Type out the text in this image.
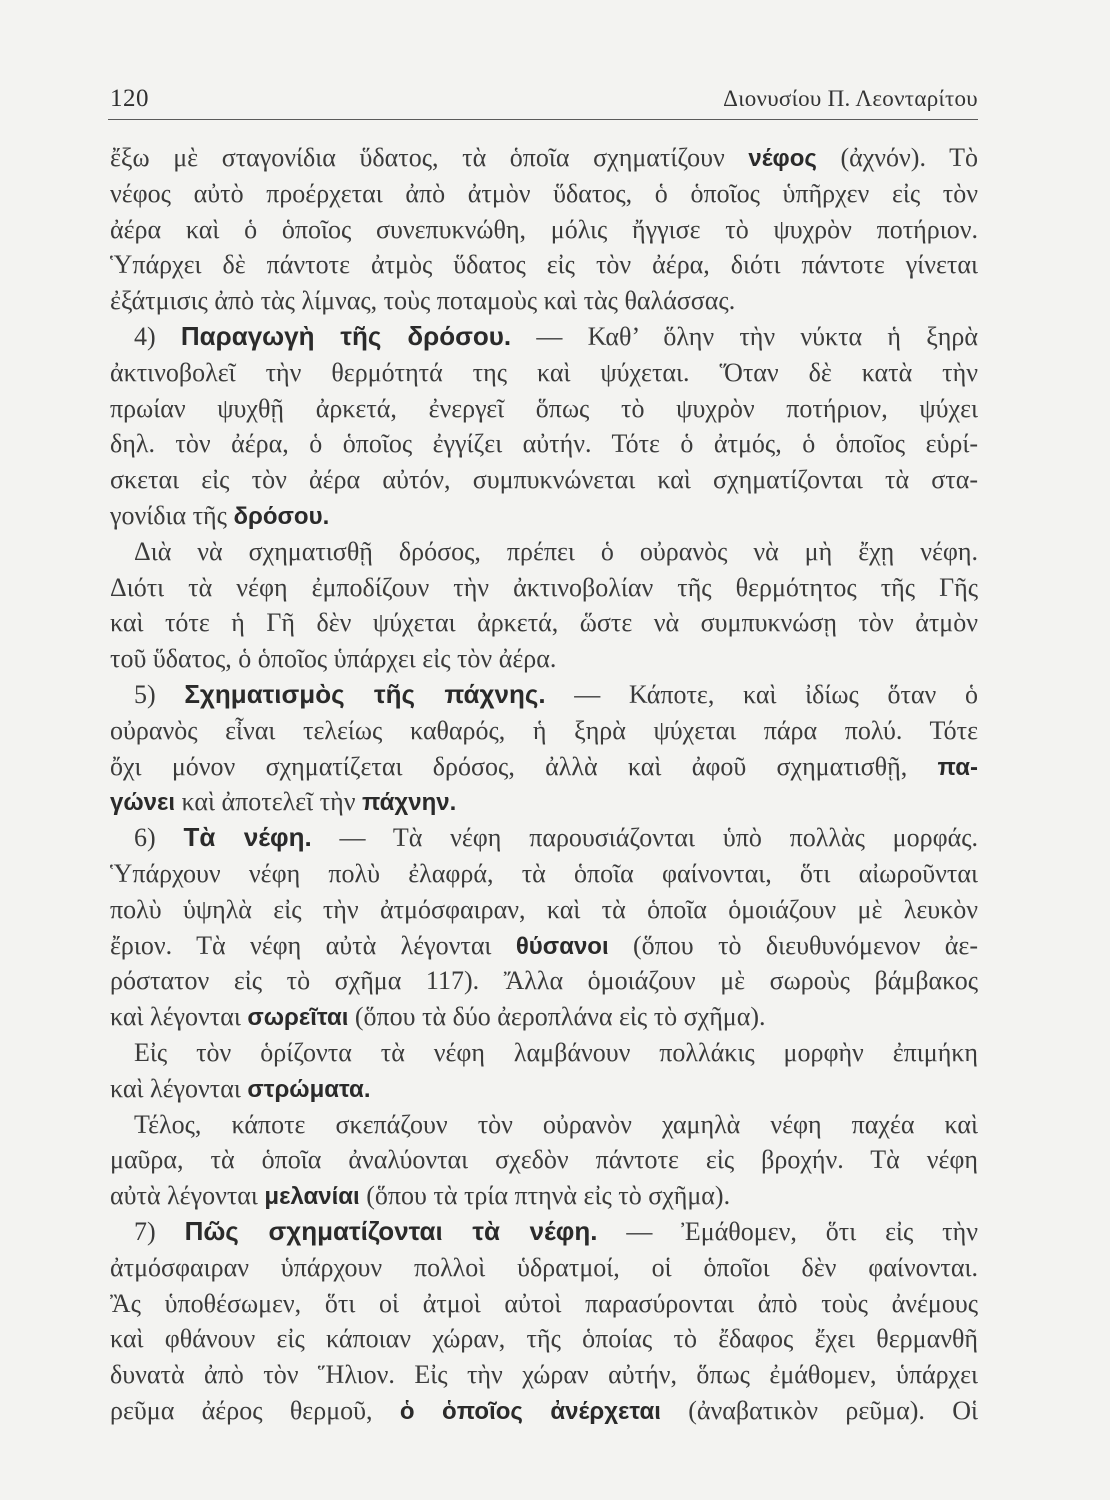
120	Διονυσίου Π. Λεονταρίτου
ἔξω μὲ σταγονίδια ὕδατος, τὰ ὁποῖα σχηματίζουν νέφος (ἀχνόν). Τὸ
νέφος αὐτὸ προέρχεται ἀπὸ ἀτμὸν ὕδατος, ὁ ὁποῖος ὑπῆρχεν εἰς τὸν
ἀέρα καὶ ὁ ὁποῖος συνεπυκνώθη, μόλις ἤγγισε τὸ ψυχρὸν ποτήριον.
Ὑπάρχει δὲ πάντοτε ἀτμὸς ὕδατος εἰς τὸν ἀέρα, διότι πάντοτε γίνεται
ἐξάτμισις ἀπὸ τὰς λίμνας, τοὺς ποταμοὺς καὶ τὰς θαλάσσας.
4) Παραγωγὴ τῆς δρόσου. — Καθ’ ὅλην τὴν νύκτα ἡ ξηρὰ
ἀκτινοβολεῖ τὴν θερμότητά της καὶ ψύχεται. Ὅταν δὲ κατὰ τὴν
πρωίαν ψυχθῇ ἀρκετά, ἐνεργεῖ ὅπως τὸ ψυχρὸν ποτήριον, ψύχει
δηλ. τὸν ἀέρα, ὁ ὁποῖος ἐγγίζει αὐτήν. Τότε ὁ ἀτμός, ὁ ὁποῖος εὑρί-
σκεται εἰς τὸν ἀέρα αὐτόν, συμπυκνώνεται καὶ σχηματίζονται τὰ στα-
γονίδια τῆς δρόσου.
Διὰ νὰ σχηματισθῇ δρόσος, πρέπει ὁ οὐρανὸς νὰ μὴ ἔχῃ νέφη.
Διότι τὰ νέφη ἐμποδίζουν τὴν ἀκτινοβολίαν τῆς θερμότητος τῆς Γῆς
καὶ τότε ἡ Γῆ δὲν ψύχεται ἀρκετά, ὥστε νὰ συμπυκνώσῃ τὸν ἀτμὸν
τοῦ ὕδατος, ὁ ὁποῖος ὑπάρχει εἰς τὸν ἀέρα.
5) Σχηματισμὸς τῆς πάχνης. — Κάποτε, καὶ ἰδίως ὅταν ὁ
οὐρανὸς εἶναι τελείως καθαρός, ἡ ξηρὰ ψύχεται πάρα πολύ. Τότε
ὄχι μόνον σχηματίζεται δρόσος, ἀλλὰ καὶ ἀφοῦ σχηματισθῇ, πα-
γώνει καὶ ἀποτελεῖ τὴν πάχνην.
6) Τὰ νέφη. — Τὰ νέφη παρουσιάζονται ὑπὸ πολλὰς μορφάς.
Ὑπάρχουν νέφη πολὺ ἐλαφρά, τὰ ὁποῖα φαίνονται, ὅτι αἰωροῦνται
πολὺ ὑψηλὰ εἰς τὴν ἀτμόσφαιραν, καὶ τὰ ὁποῖα ὁμοιάζουν μὲ λευκὸν
ἔριον. Τὰ νέφη αὐτὰ λέγονται θύσανοι (ὅπου τὸ διευθυνόμενον ἀε-
ρόστατον εἰς τὸ σχῆμα 117). Ἄλλα ὁμοιάζουν μὲ σωροὺς βάμβακος
καὶ λέγονται σωρεῖται (ὅπου τὰ δύο ἀεροπλάνα εἰς τὸ σχῆμα).
Εἰς τὸν ὁρίζοντα τὰ νέφη λαμβάνουν πολλάκις μορφὴν ἐπιμήκη
καὶ λέγονται στρώματα.
Τέλος, κάποτε σκεπάζουν τὸν οὐρανὸν χαμηλὰ νέφη παχέα καὶ
μαῦρα, τὰ ὁποῖα ἀναλύονται σχεδὸν πάντοτε εἰς βροχήν. Τὰ νέφη
αὐτὰ λέγονται μελανίαι (ὅπου τὰ τρία πτηνὰ εἰς τὸ σχῆμα).
7) Πῶς σχηματίζονται τὰ νέφη. — Ἐμάθομεν, ὅτι εἰς τὴν
ἀτμόσφαιραν ὑπάρχουν πολλοὶ ὑδρατμοί, οἱ ὁποῖοι δὲν φαίνονται.
Ἂς ὑποθέσωμεν, ὅτι οἱ ἀτμοὶ αὐτοὶ παρασύρονται ἀπὸ τοὺς ἀνέμους
καὶ φθάνουν εἰς κάποιαν χώραν, τῆς ὁποίας τὸ ἔδαφος ἔχει θερμανθῆ
δυνατὰ ἀπὸ τὸν Ἥλιον. Εἰς τὴν χώραν αὐτήν, ὅπως ἐμάθομεν, ὑπάρχει
ρεῦμα ἀέρος θερμοῦ, ὁ ὁποῖος ἀνέρχεται (ἀναβατικὸν ρεῦμα). Οἱ
